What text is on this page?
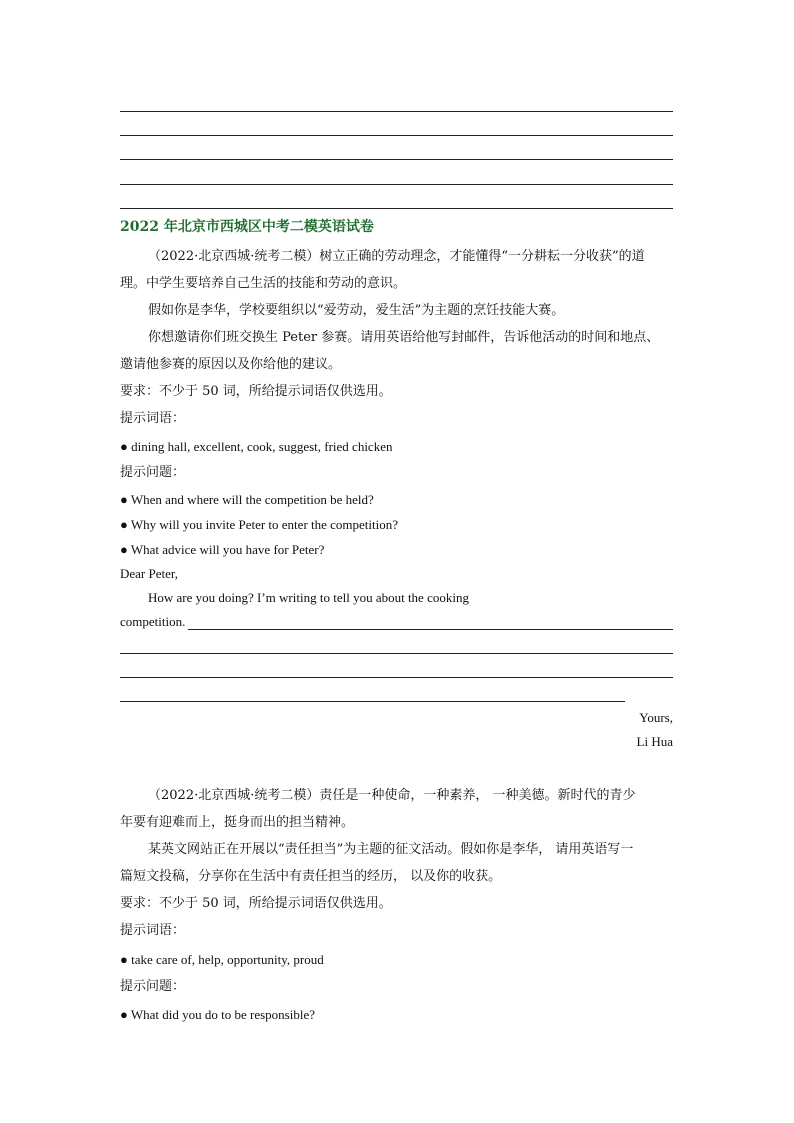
2022 年北京市西城区中考二模英语试卷
（2022·北京西城·统考二模）树立正确的劳动理念，才能懂得“一分耕耘一分收获”的道
理。中学生要培养自己生活的技能和劳动的意识。
假如你是李华，学校要组织以“爱劳动，爱生活”为主题的烹饪技能大赛。
你想邀请你们班交换生 Peter 参赛。请用英语给他写封邮件，告诉他活动的时间和地点、
邀请他参赛的原因以及你给他的建议。
要求：不少于 50 词，所给提示词语仅供选用。
提示词语：
● dining hall, excellent, cook, suggest, fried chicken
提示问题：
● When and where will the competition be held?
● Why will you invite Peter to enter the competition?
● What advice will you have for Peter?
Dear Peter,
How are you doing? I’m writing to tell you about the cooking
competition.
Yours,
Li Hua
（2022·北京西城·统考二模）责任是一种使命，一种素养， 一种美德。新时代的青少
年要有迎难而上，挺身而出的担当精神。
某英文网站正在开展以“责任担当”为主题的征文活动。假如你是李华， 请用英语写一
篇短文投稿，分享你在生活中有责任担当的经历， 以及你的收获。
要求：不少于 50 词，所给提示词语仅供选用。
提示词语：
● take care of, help, opportunity, proud
提示问题：
● What did you do to be responsible?
